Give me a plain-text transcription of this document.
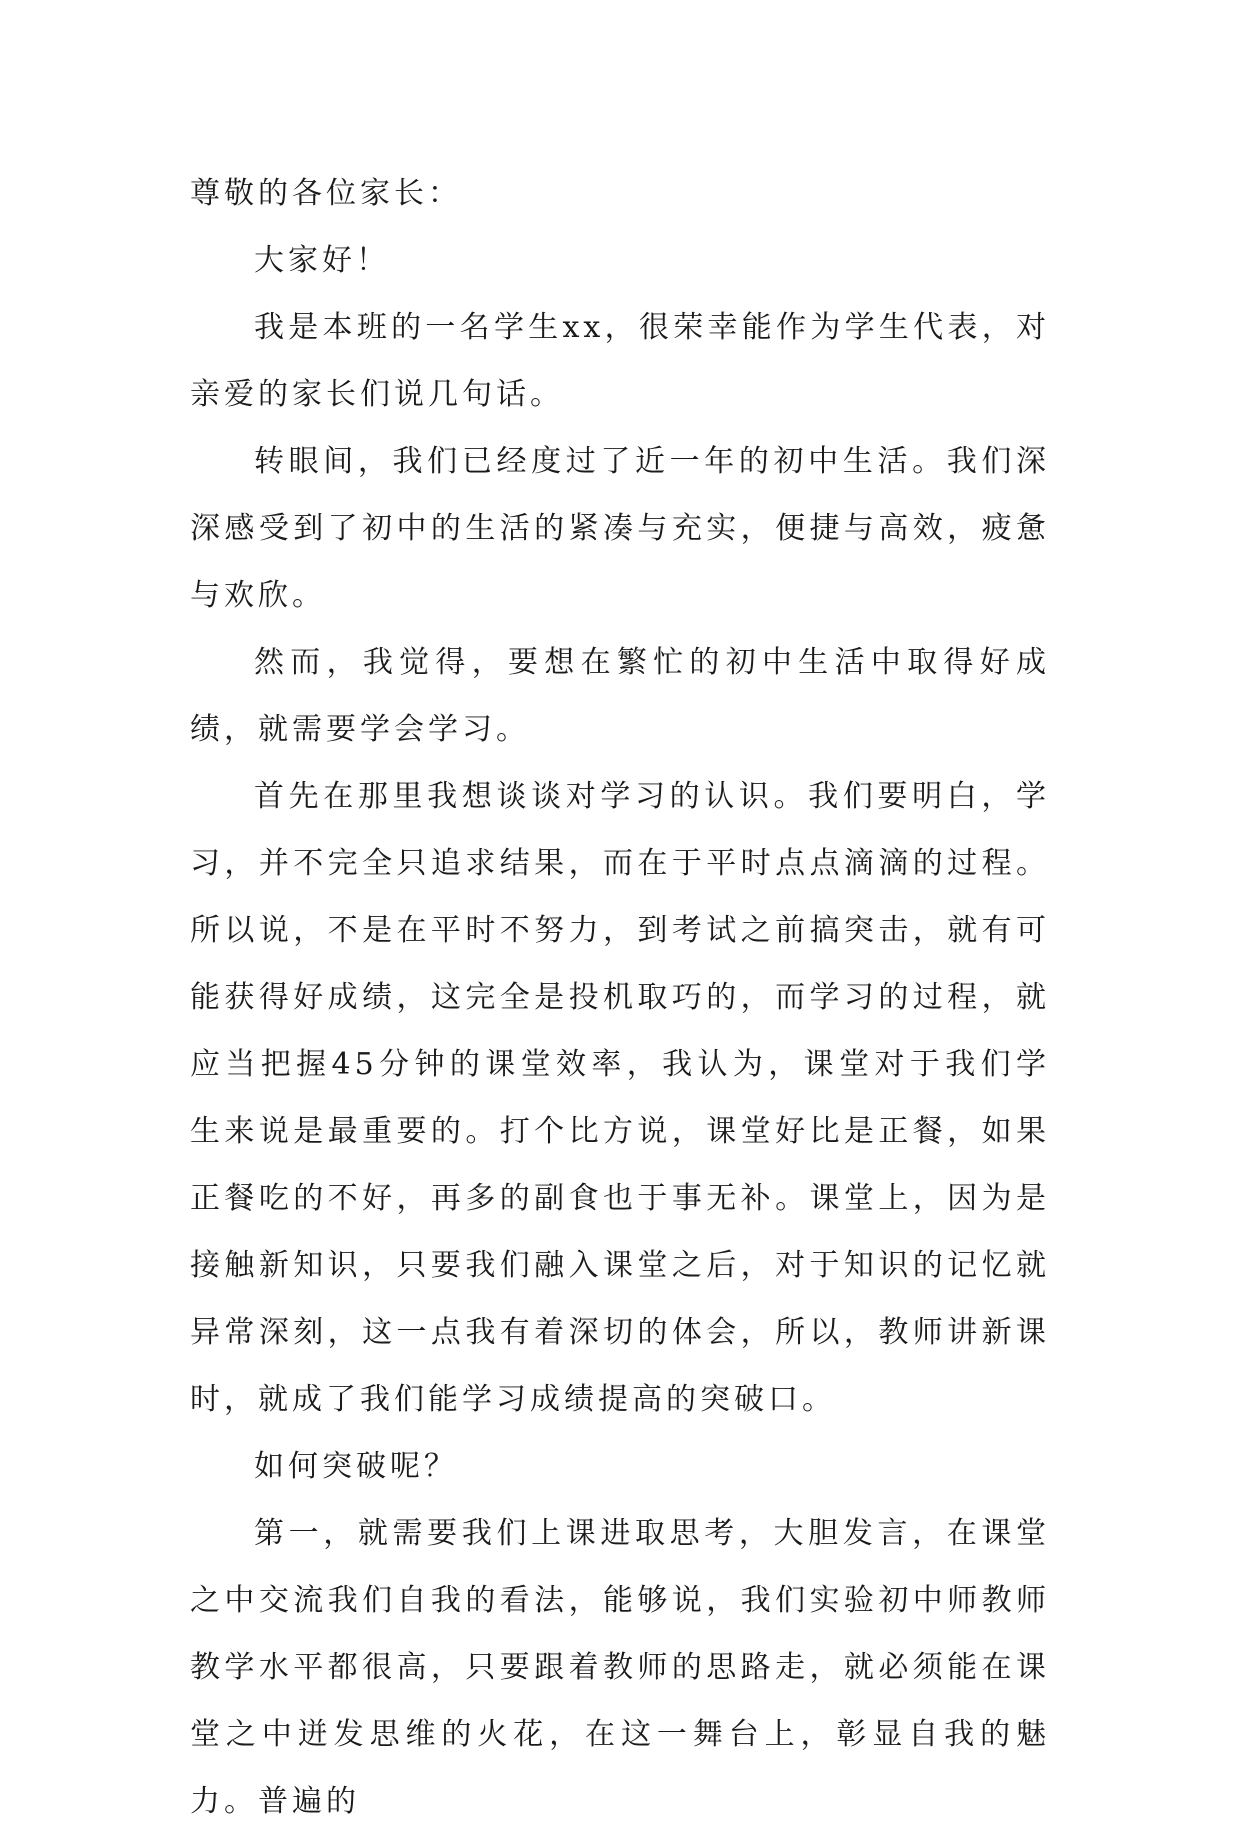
尊敬的各位家长：

大家好！

我是本班的一名学生xx，很荣幸能作为学生代表，对亲爱的家长们说几句话。

转眼间，我们已经度过了近一年的初中生活。我们深深感受到了初中的生活的紧凑与充实，便捷与高效，疲惫与欢欣。

然而，我觉得，要想在繁忙的初中生活中取得好成绩，就需要学会学习。

首先在那里我想谈谈对学习的认识。我们要明白，学习，并不完全只追求结果，而在于平时点点滴滴的过程。所以说，不是在平时不努力，到考试之前搞突击，就有可能获得好成绩，这完全是投机取巧的，而学习的过程，就应当把握45分钟的课堂效率，我认为，课堂对于我们学生来说是最重要的。打个比方说，课堂好比是正餐，如果正餐吃的不好，再多的副食也于事无补。课堂上，因为是接触新知识，只要我们融入课堂之后，对于知识的记忆就异常深刻，这一点我有着深切的体会，所以，教师讲新课时，就成了我们能学习成绩提高的突破口。

如何突破呢？

第一，就需要我们上课进取思考，大胆发言，在课堂之中交流我们自我的看法，能够说，我们实验初中师教师教学水平都很高，只要跟着教师的思路走，就必须能在课堂之中迸发思维的火花，在这一舞台上，彰显自我的魅力。普遍的
